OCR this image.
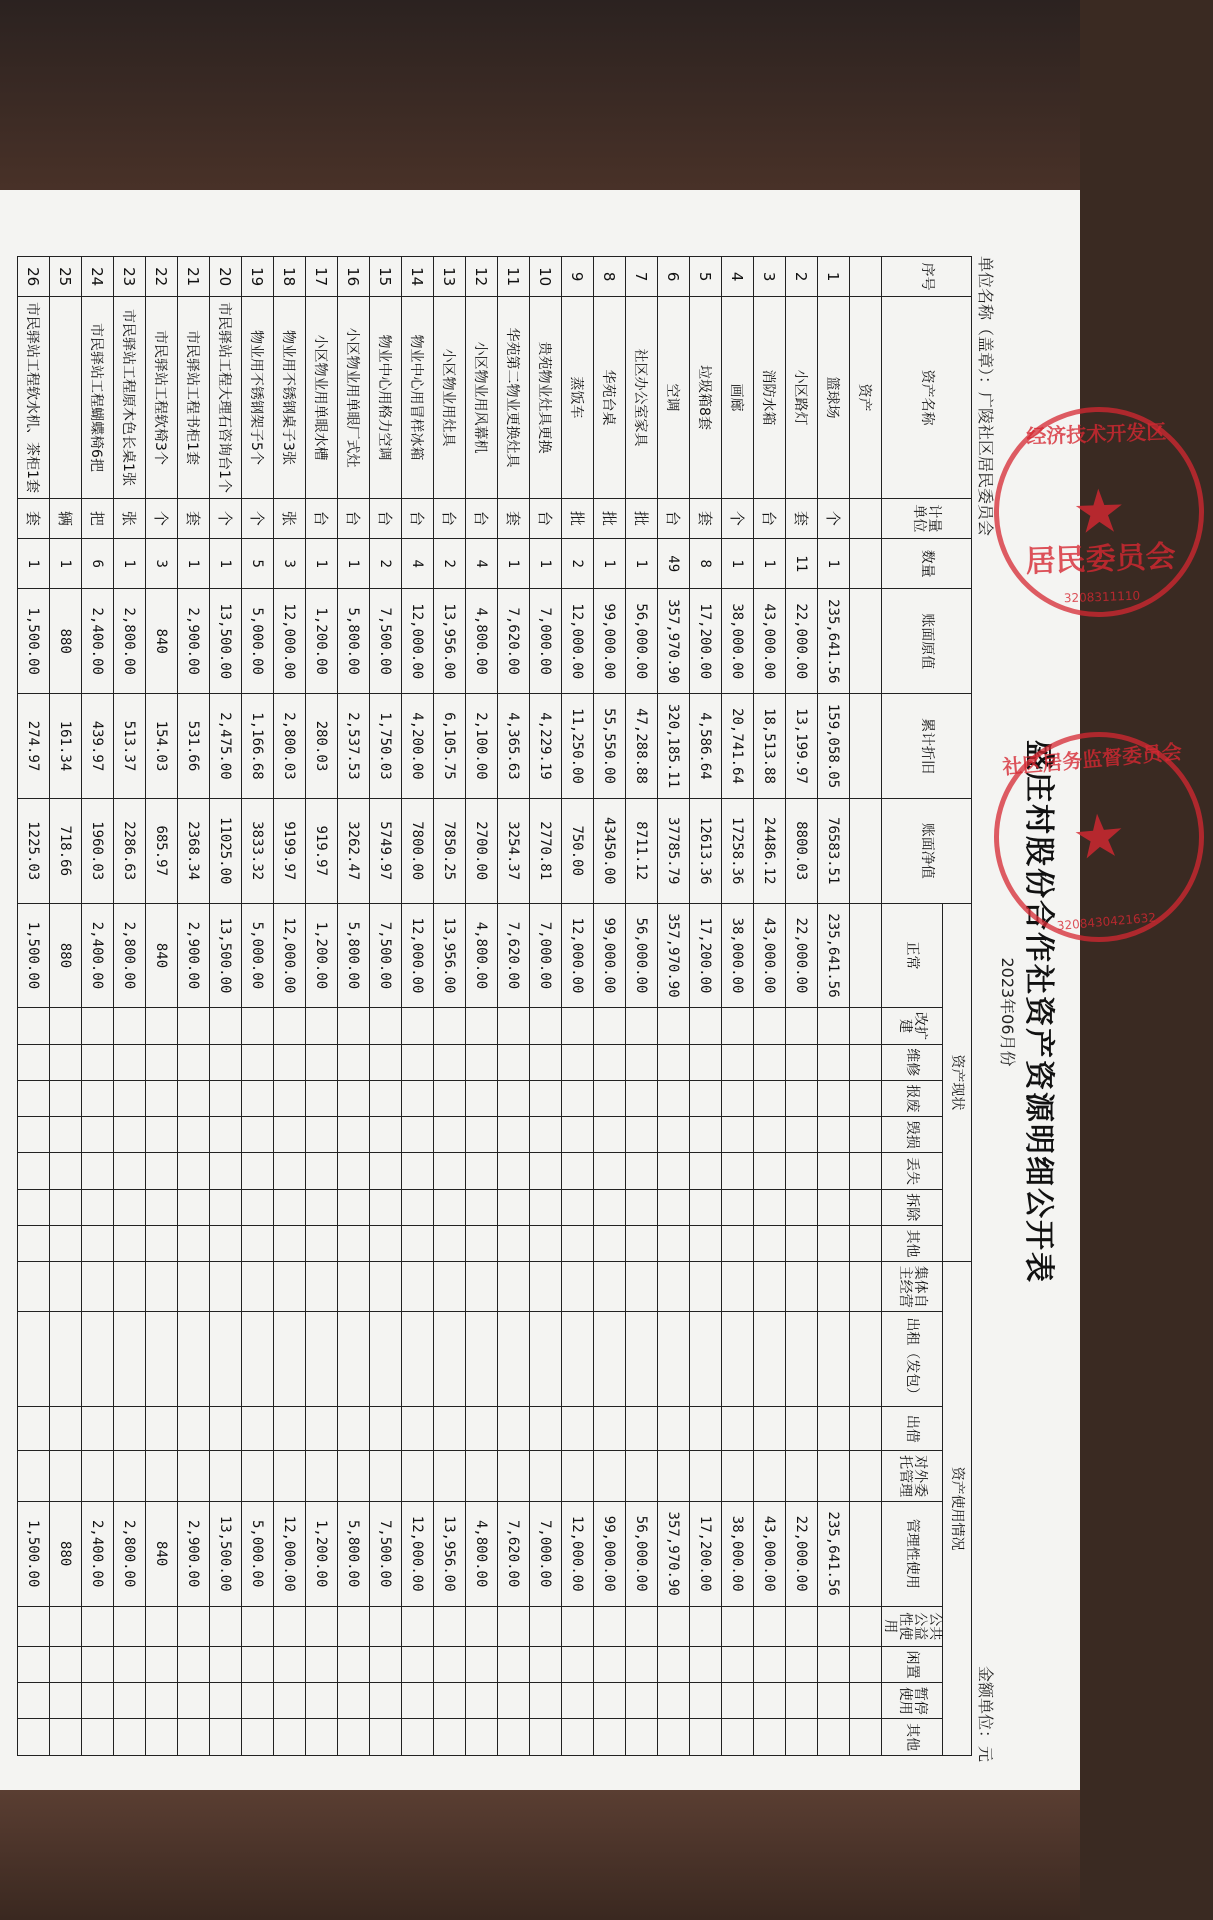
盛庄村股份合作社资产资源明细公开表
2023年06月份
单位名称（盖章）：广陵社区居民委员会
金额单位：元
序号	资产名称	计量单位	数量	账面原值	累计折旧	账面净值	资产现状								资产使用情况								
							正常	改扩建	维修	报废	毁损	丢失	拆除	其他	集体自主经营	出租（发包）	出借	对外委托管理	管理性使用	公共公益性使用	闲置	暂停使用	其他

	资产																						
1	篮球场	个	1	235,641.56	159,058.05	76583.51	235,641.56												235,641.56				
2	小区路灯	套	11	22,000.00	13,199.97	8800.03	22,000.00												22,000.00				
3	消防水箱	台	1	43,000.00	18,513.88	24486.12	43,000.00												43,000.00				
4	画廊	个	1	38,000.00	20,741.64	17258.36	38,000.00												38,000.00				
5	垃圾箱8套	套	8	17,200.00	4,586.64	12613.36	17,200.00												17,200.00				
6	空调	台	49	357,970.90	320,185.11	37785.79	357,970.90												357,970.90				
7	社区办公室家具	批	1	56,000.00	47,288.88	8711.12	56,000.00												56,000.00				
8	华苑台桌	批	1	99,000.00	55,550.00	43450.00	99,000.00												99,000.00				
9	蒸饭车	批	2	12,000.00	11,250.00	750.00	12,000.00												12,000.00				
10	贵苑物业灶具更换	台	1	7,000.00	4,229.19	2770.81	7,000.00												7,000.00				
11	华苑第二物业更换灶具	套	1	7,620.00	4,365.63	3254.37	7,620.00												7,620.00				
12	小区物业用风幕机	台	4	4,800.00	2,100.00	2700.00	4,800.00												4,800.00				
13	小区物业用灶具	台	2	13,956.00	6,105.75	7850.25	13,956.00												13,956.00				
14	物业中心用冒样冰箱	台	4	12,000.00	4,200.00	7800.00	12,000.00												12,000.00				
15	物业中心用格力空调	台	2	7,500.00	1,750.03	5749.97	7,500.00												7,500.00				
16	小区物业用单眼厂式灶	台	1	5,800.00	2,537.53	3262.47	5,800.00												5,800.00				
17	小区物业用单眼水槽	台	1	1,200.00	280.03	919.97	1,200.00												1,200.00				
18	物业用不锈钢桌子3张	张	3	12,000.00	2,800.03	9199.97	12,000.00												12,000.00				
19	物业用不锈钢架子5个	个	5	5,000.00	1,166.68	3833.32	5,000.00												5,000.00				
20	市民驿站工程大理石咨询台1个	个	1	13,500.00	2,475.00	11025.00	13,500.00												13,500.00				
21	市民驿站工程书柜1套	套	1	2,900.00	531.66	2368.34	2,900.00												2,900.00				
22	市民驿站工程软椅3个	个	3	840	154.03	685.97	840												840				
23	市民驿站工程原木色长桌1张	张	1	2,800.00	513.37	2286.63	2,800.00												2,800.00				
24	市民驿站工程蝴蝶椅6把	把	6	2,400.00	439.97	1960.03	2,400.00												2,400.00				
25		辆	1	880	161.34	718.66	880												880				
26	市民驿站工程软水机、茶柜1套	套	1	1,500.00	274.97	1225.03	1,500.00												1,500.00				
经济技术开发区
★
居民委员会
3208311110
社区居务监督委员会
★
3208430421632
